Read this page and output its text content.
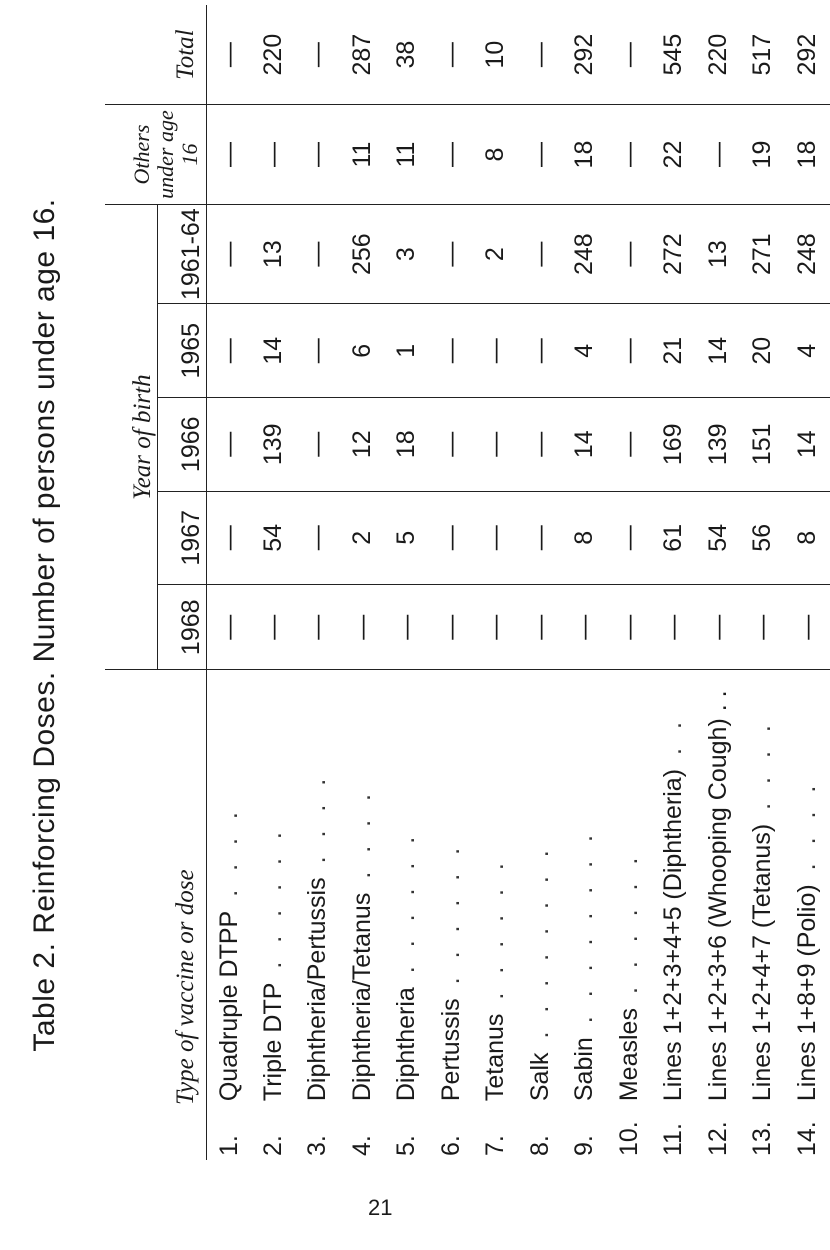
Table 2. Reinforcing Doses. Number of persons under age 16.	Type of vaccine or dose		Year of birth					Others under age 16	Total
		1968	1967	1966	1965	1961-64		
1.	Quadruple DTPP. . . .	—	—	—	—	—	—	—
2.	Triple DTP. . . . . .	—	54	139	14	13	—	220
3.	Diphtheria/Pertussis. . . .	—	—	—	—	—	—	—
4.	Diphtheria/Tetanus. . . .	—	2	12	6	256	11	287
5.	Diphtheria. . . . . .	—	5	18	1	3	11	38
6.	Pertussis. . . . . .	—	—	—	—	—	—	—
7.	Tetanus. . . . . .	—	—	—	—	2	8	10
8.	Salk. . . . . . . .	—	—	—	—	—	—	—
9.	Sabin. . . . . . . .	—	8	14	4	248	18	292
10.	Measles. . . . . .	—	—	—	—	—	—	—
11.	Lines 1+2+3+4+5 (Diphtheria). .	—	61	169	21	272	22	545
12.	Lines 1+2+3+6 (Whooping Cough) . .	—	54	139	14	13	—	220
13.	Lines 1+2+4+7 (Tetanus). . . .	—	56	151	20	271	19	517
14.	Lines 1+8+9 (Polio). . . .	—	8	14	4	248	18	292
21
